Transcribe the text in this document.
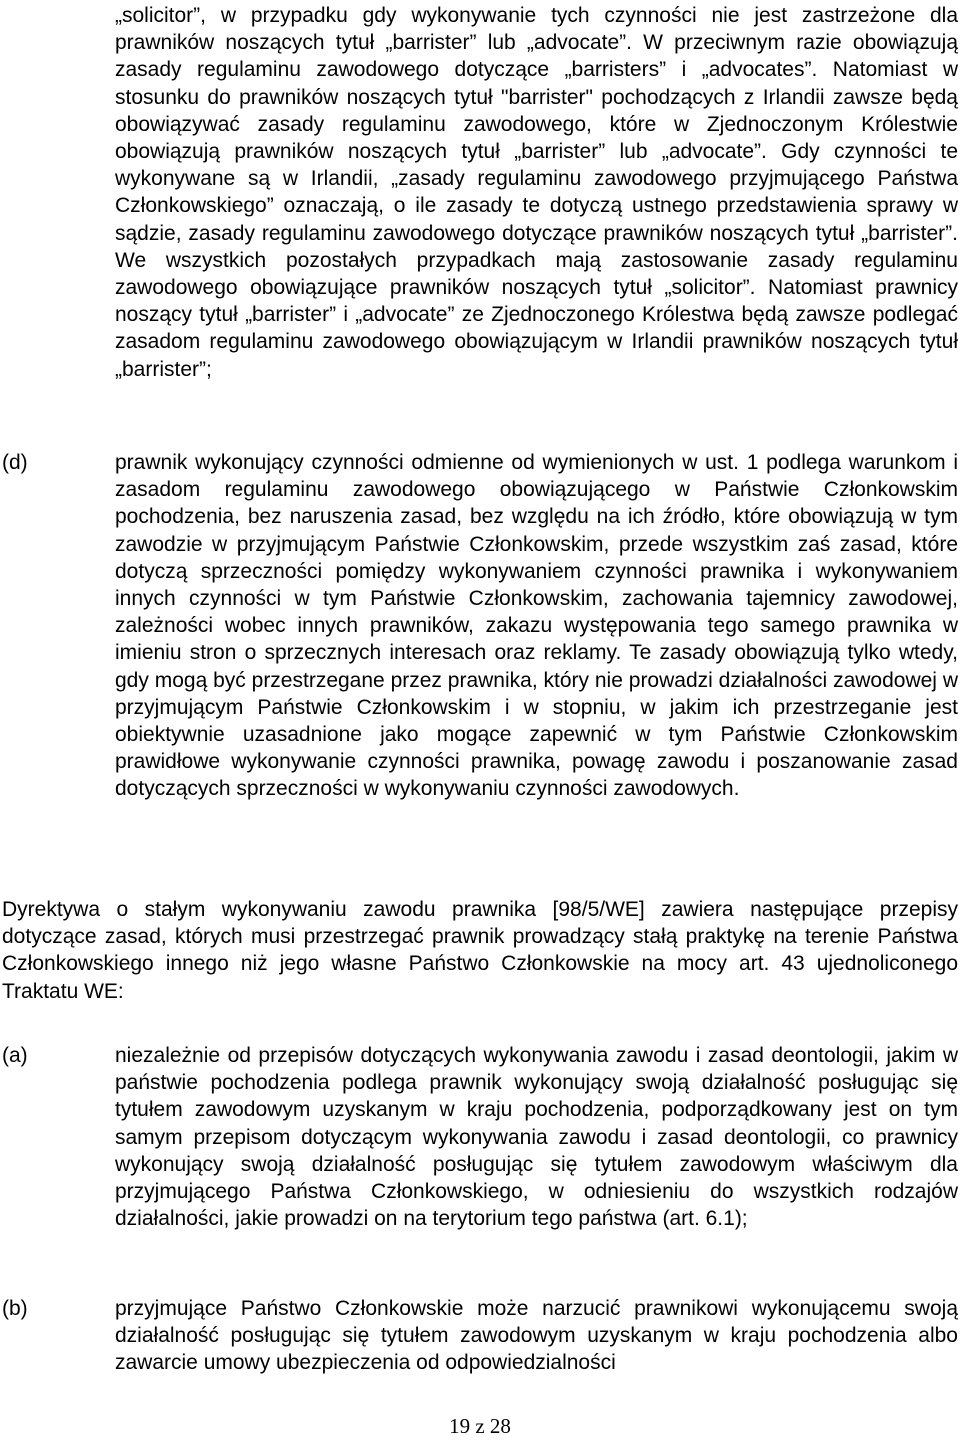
„solicitor”, w przypadku gdy wykonywanie tych czynności nie jest zastrzeżone dla prawników noszących tytuł „barrister” lub „advocate”. W przeciwnym razie obowiązują zasady regulaminu zawodowego dotyczące „barristers” i „advocates”. Natomiast w stosunku do prawników noszących tytuł "barrister" pochodzących z Irlandii zawsze będą obowiązywać zasady regulaminu zawodowego, które w Zjednoczonym Królestwie obowiązują prawników noszących tytuł „barrister” lub „advocate”. Gdy czynności te wykonywane są w Irlandii, „zasady regulaminu zawodowego przyjmującego Państwa Członkowskiego” oznaczają, o ile zasady te dotyczą ustnego przedstawienia sprawy w sądzie, zasady regulaminu zawodowego dotyczące prawników noszących tytuł „barrister”. We wszystkich pozostałych przypadkach mają zastosowanie zasady regulaminu zawodowego obowiązujące prawników noszących tytuł „solicitor”. Natomiast prawnicy noszący tytuł „barrister” i „advocate” ze Zjednoczonego Królestwa będą zawsze podlegać zasadom regulaminu zawodowego obowiązującym w Irlandii prawników noszących tytuł „barrister”;

(d)	prawnik wykonujący czynności odmienne od wymienionych w ust. 1 podlega warunkom i zasadom regulaminu zawodowego obowiązującego w Państwie Członkowskim pochodzenia, bez naruszenia zasad, bez względu na ich źródło, które obowiązują w tym zawodzie w przyjmującym Państwie Członkowskim, przede wszystkim zaś zasad, które dotyczą sprzeczności pomiędzy wykonywaniem czynności prawnika i wykonywaniem innych czynności w tym Państwie Członkowskim, zachowania tajemnicy zawodowej, zależności wobec innych prawników, zakazu występowania tego samego prawnika w imieniu stron o sprzecznych interesach oraz reklamy. Te zasady obowiązują tylko wtedy, gdy mogą być przestrzegane przez prawnika, który nie prowadzi działalności zawodowej w przyjmującym Państwie Członkowskim i w stopniu, w jakim ich przestrzeganie jest obiektywnie uzasadnione jako mogące zapewnić w tym Państwie Członkowskim prawidłowe wykonywanie czynności prawnika, powagę zawodu i poszanowanie zasad dotyczących sprzeczności w wykonywaniu czynności zawodowych.

Dyrektywa o stałym wykonywaniu zawodu prawnika [98/5/WE] zawiera następujące przepisy dotyczące zasad, których musi przestrzegać prawnik prowadzący stałą praktykę na terenie Państwa Członkowskiego innego niż jego własne Państwo Członkowskie na mocy art. 43 ujednoliconego Traktatu WE:

(a)	niezależnie od przepisów dotyczących wykonywania zawodu i zasad deontologii, jakim w państwie pochodzenia podlega prawnik wykonujący swoją działalność posługując się tytułem zawodowym uzyskanym w kraju pochodzenia, podporządkowany jest on tym samym przepisom dotyczącym wykonywania zawodu i zasad deontologii, co prawnicy wykonujący swoją działalność posługując się tytułem zawodowym właściwym dla przyjmującego Państwa Członkowskiego, w odniesieniu do wszystkich rodzajów działalności, jakie prowadzi on na terytorium tego państwa (art. 6.1);

(b)	przyjmujące Państwo Członkowskie może narzucić prawnikowi wykonującemu swoją działalność posługując się tytułem zawodowym uzyskanym w kraju pochodzenia albo zawarcie umowy ubezpieczenia od odpowiedzialności

19 z 28
